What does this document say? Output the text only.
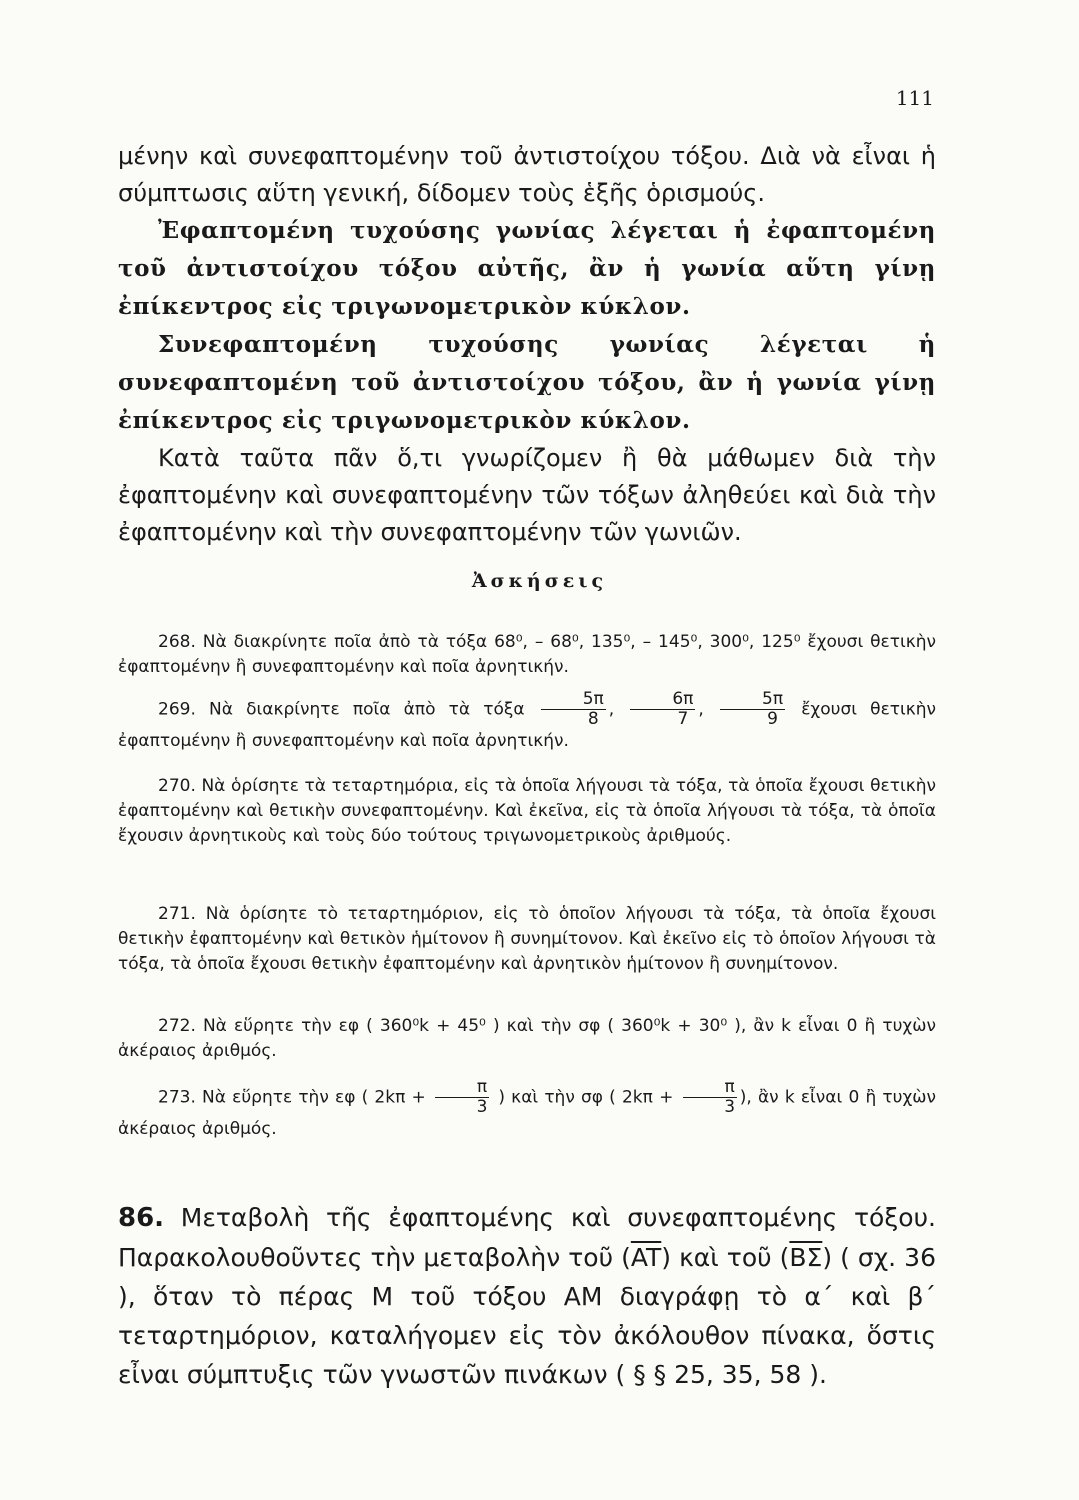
111

μένην καὶ συνεφαπτομένην τοῦ ἀντιστοίχου τόξου. Διὰ νὰ εἶναι ἡ σύμπτωσις αὕτη γενική, δίδομεν τοὺς ἑξῆς ὁρισμούς.

Ἐφαπτομένη τυχούσης γωνίας λέγεται ἡ ἐφαπτομένη τοῦ ἀντιστοίχου τόξου αὐτῆς, ἂν ἡ γωνία αὕτη γίνῃ ἐπίκεντρος εἰς τριγωνομετρικὸν κύκλον.

Συνεφαπτομένη τυχούσης γωνίας λέγεται ἡ συνεφαπτομένη τοῦ ἀντιστοίχου τόξου, ἂν ἡ γωνία γίνῃ ἐπίκεντρος εἰς τριγωνομετρικὸν κύκλον.

Κατὰ ταῦτα πᾶν ὅ,τι γνωρίζομεν ἢ θὰ μάθωμεν διὰ τὴν ἐφαπτομένην καὶ συνεφαπτομένην τῶν τόξων ἀληθεύει καὶ διὰ τὴν ἐφαπτομένην καὶ τὴν συνεφαπτομένην τῶν γωνιῶν.

Ἀσκήσεις

268. Νὰ διακρίνητε ποῖα ἀπὸ τὰ τόξα 68⁰, – 68⁰, 135⁰, – 145⁰, 300⁰, 125⁰ ἔχουσι θετικὴν ἐφαπτομένην ἢ συνεφαπτομένην καὶ ποῖα ἀρνητικήν.

269. Νὰ διακρίνητε ποῖα ἀπὸ τὰ τόξα $\frac{5\pi}{8}$ , $\frac{6\pi}{7}$ , $\frac{5\pi}{9}$ ἔχουσι θετικὴν ἐφαπτομένην ἢ συνεφαπτομένην καὶ ποῖα ἀρνητικήν.

270. Νὰ ὁρίσητε τὰ τεταρτημόρια, εἰς τὰ ὁποῖα λήγουσι τὰ τόξα, τὰ ὁποῖα ἔχουσι θετικὴν ἐφαπτομένην καὶ θετικὴν συνεφαπτομένην. Καὶ ἐκεῖνα, εἰς τὰ ὁποῖα λήγουσι τὰ τόξα, τὰ ὁποῖα ἔχουσιν ἀρνητικοὺς καὶ τοὺς δύο τούτους τριγωνομετρικοὺς ἀριθμούς.

271. Νὰ ὁρίσητε τὸ τεταρτημόριον, εἰς τὸ ὁποῖον λήγουσι τὰ τόξα, τὰ ὁποῖα ἔχουσι θετικὴν ἐφαπτομένην καὶ θετικὸν ἡμίτονον ἢ συνημίτονον. Καὶ ἐκεῖνο εἰς τὸ ὁποῖον λήγουσι τὰ τόξα, τὰ ὁποῖα ἔχουσι θετικὴν ἐφαπτομένην καὶ ἀρνητικὸν ἡμίτονον ἢ συνημίτονον.

272. Νὰ εὕρητε τὴν εφ ( 360⁰k + 45⁰ ) καὶ τὴν σφ ( 360⁰k + 30⁰ ), ἂν k εἶναι 0 ἢ τυχὼν ἀκέραιος ἀριθμός.

273. Νὰ εὕρητε τὴν εφ ( $2k\pi + \frac{\pi}{3}$ ) καὶ τὴν σφ ( $2k\pi + \frac{\pi}{3}$ ), ἂν k εἶναι 0 ἢ τυχὼν ἀκέραιος ἀριθμός.

86. Μεταβολὴ τῆς ἐφαπτομένης καὶ συνεφαπτομένης τόξου. Παρακολουθοῦντες τὴν μεταβολὴν τοῦ $(\overline{AT})$ καὶ τοῦ $(\overline{B\Sigma})$ ( σχ. 36 ), ὅταν τὸ πέρας Μ τοῦ τόξου ΑΜ διαγράφῃ τὸ α΄ καὶ β΄ τεταρτημόριον, καταλήγομεν εἰς τὸν ἀκόλουθον πίνακα, ὅστις εἶναι σύμπτυξις τῶν γνωστῶν πινάκων ( § § 25, 35, 58 ).
